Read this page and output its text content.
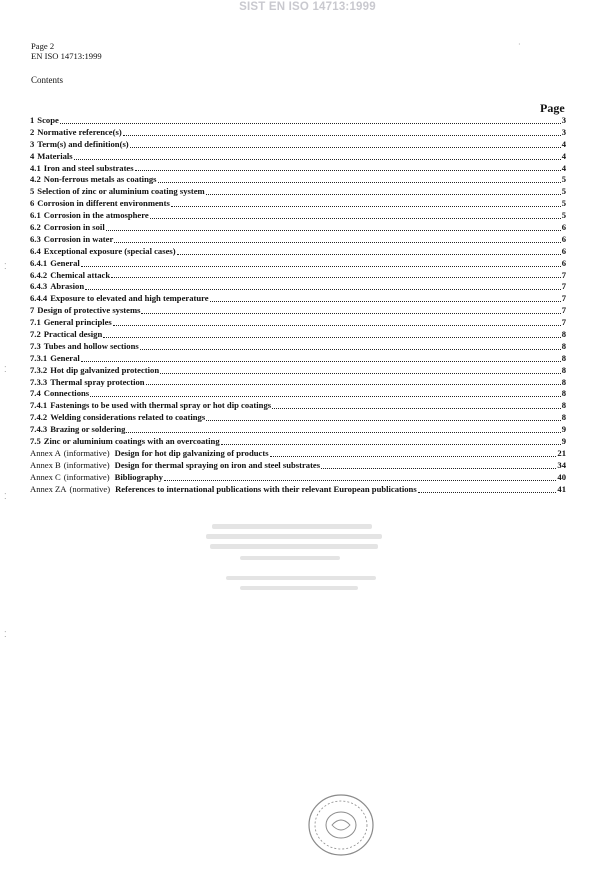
SIST EN ISO 14713:1999
Page 2
EN ISO 14713:1999
Contents
Page
1 Scope	3
2 Normative reference(s)	3
3 Term(s) and definition(s)	4
4 Materials	4
4.1 Iron and steel substrates	4
4.2 Non-ferrous metals as coatings	5
5 Selection of zinc or aluminium coating system	5
6 Corrosion in different environments	5
6.1 Corrosion in the atmosphere	5
6.2 Corrosion in soil	6
6.3 Corrosion in water	6
6.4 Exceptional exposure (special cases)	6
6.4.1 General	6
6.4.2 Chemical attack	7
6.4.3 Abrasion	7
6.4.4 Exposure to elevated and high temperature	7
7 Design of protective systems	7
7.1 General principles	7
7.2 Practical design	8
7.3 Tubes and hollow sections	8
7.3.1 General	8
7.3.2 Hot dip galvanized protection	8
7.3.3 Thermal spray protection	8
7.4 Connections	8
7.4.1 Fastenings to be used with thermal spray or hot dip coatings	8
7.4.2 Welding considerations related to coatings	8
7.4.3 Brazing or soldering	9
7.5 Zinc or aluminium coatings with an overcoating	9
Annex A (informative) Design for hot dip galvanizing of products	21
Annex B (informative) Design for thermal spraying on iron and steel substrates	34
Annex C (informative) Bibliography	40
Annex ZA (normative) References to international publications with their relevant European publications	41
⁚
⁚
⁚
⁚
·
